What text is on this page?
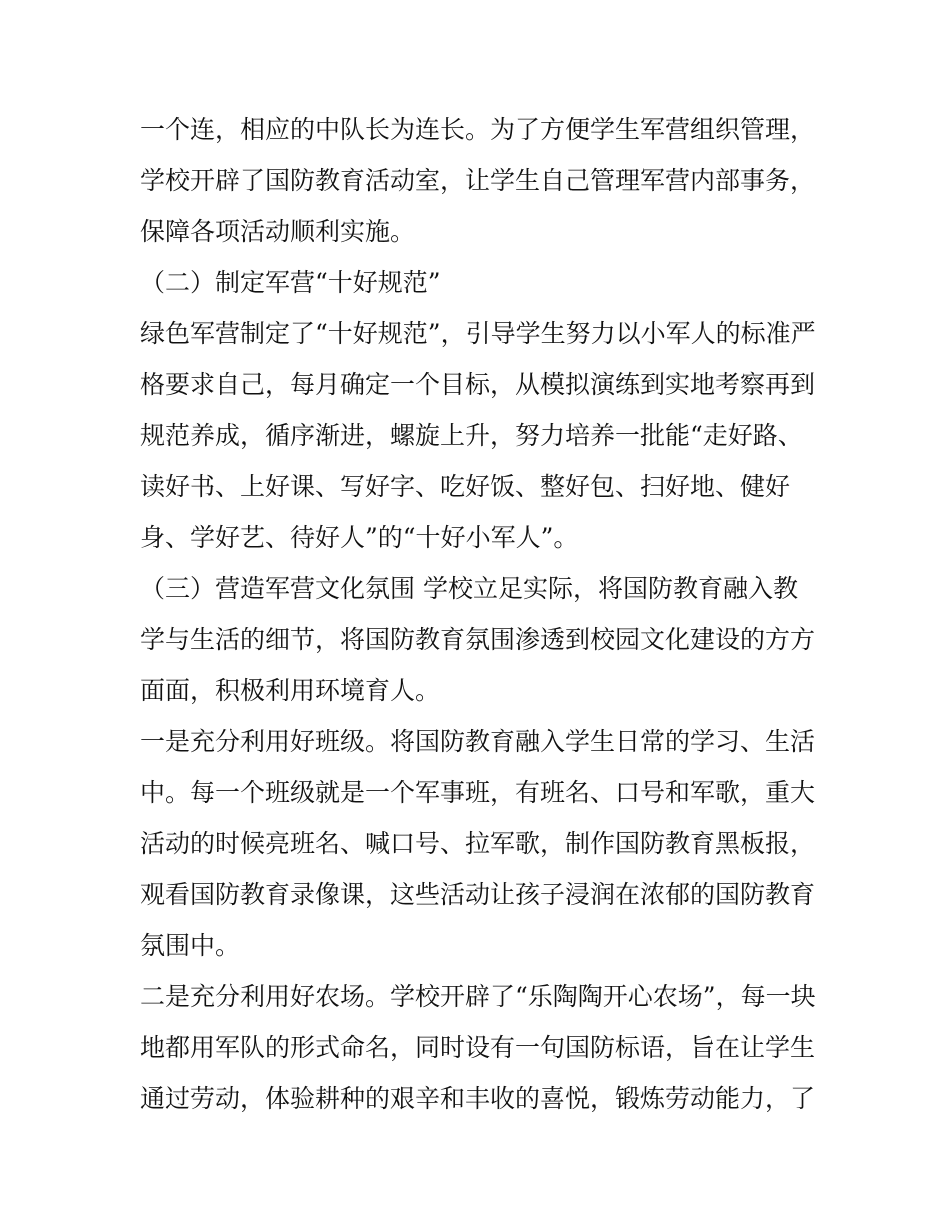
一个连，相应的中队长为连长。为了方便学生军营组织管理，
学校开辟了国防教育活动室，让学生自己管理军营内部事务，
保障各项活动顺利实施。
（二）制定军营“十好规范”
绿色军营制定了“十好规范”，引导学生努力以小军人的标准严
格要求自己，每月确定一个目标，从模拟演练到实地考察再到
规范养成，循序渐进，螺旋上升，努力培养一批能“走好路、
读好书、上好课、写好字、吃好饭、整好包、扫好地、健好
身、学好艺、待好人”的“十好小军人”。
（三）营造军营文化氛围 学校立足实际，将国防教育融入教
学与生活的细节，将国防教育氛围渗透到校园文化建设的方方
面面，积极利用环境育人。
一是充分利用好班级。将国防教育融入学生日常的学习、生活
中。每一个班级就是一个军事班，有班名、口号和军歌，重大
活动的时候亮班名、喊口号、拉军歌，制作国防教育黑板报，
观看国防教育录像课，这些活动让孩子浸润在浓郁的国防教育
氛围中。
二是充分利用好农场。学校开辟了“乐陶陶开心农场”，每一块
地都用军队的形式命名，同时设有一句国防标语，旨在让学生
通过劳动，体验耕种的艰辛和丰收的喜悦，锻炼劳动能力，了
